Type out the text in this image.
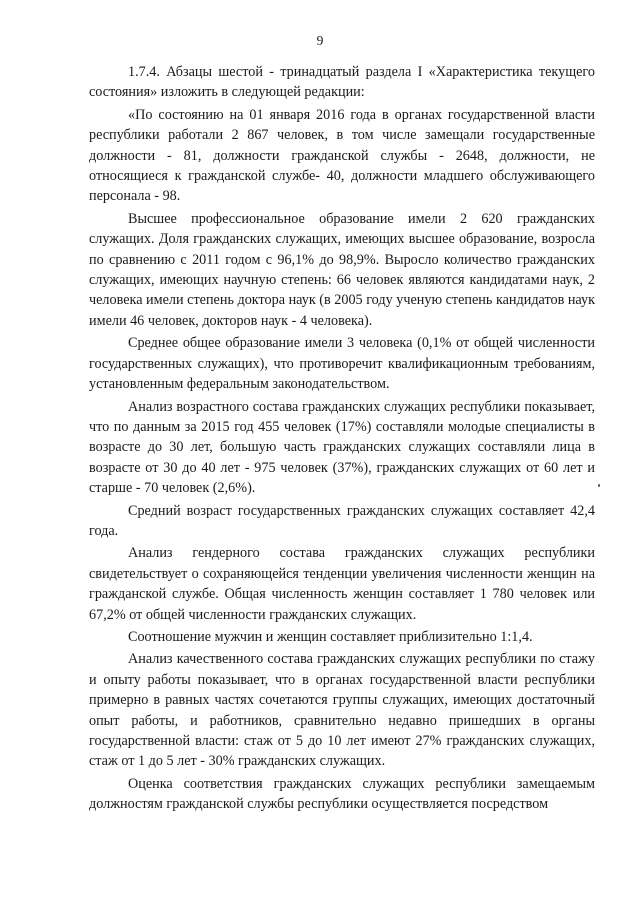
9

1.7.4. Абзацы шестой - тринадцатый раздела I «Характеристика текущего состояния» изложить в следующей редакции:

«По состоянию на 01 января 2016 года в органах государственной власти республики работали 2 867 человек, в том числе замещали государственные должности - 81, должности гражданской службы - 2648, должности, не относящиеся к гражданской службе- 40, должности младшего обслуживающего персонала - 98.

Высшее профессиональное образование имели 2 620 гражданских служащих. Доля гражданских служащих, имеющих высшее образование, возросла по сравнению с 2011 годом с 96,1% до 98,9%. Выросло количество гражданских служащих, имеющих научную степень: 66 человек являются кандидатами наук, 2 человека имели степень доктора наук (в 2005 году ученую степень кандидатов наук имели 46 человек, докторов наук - 4 человека).

Среднее общее образование имели 3 человека (0,1% от общей численности государственных служащих), что противоречит квалификационным требованиям, установленным федеральным законодательством.

Анализ возрастного состава гражданских служащих республики показывает, что по данным за 2015 год 455 человек (17%) составляли молодые специалисты в возрасте до 30 лет, большую часть гражданских служащих составляли лица в возрасте от 30 до 40 лет - 975 человек (37%), гражданских служащих от 60 лет и старше - 70 человек (2,6%).

Средний возраст государственных гражданских служащих составляет 42,4 года.

Анализ гендерного состава гражданских служащих республики свидетельствует о сохраняющейся тенденции увеличения численности женщин на гражданской службе. Общая численность женщин составляет 1 780 человек или 67,2% от общей численности гражданских служащих.

Соотношение мужчин и женщин составляет приблизительно 1:1,4.

Анализ качественного состава гражданских служащих республики по стажу и опыту работы показывает, что в органах государственной власти республики примерно в равных частях сочетаются группы служащих, имеющих достаточный опыт работы, и работников, сравнительно недавно пришедших в органы государственной власти: стаж от 5 до 10 лет имеют 27% гражданских служащих, стаж от 1 до 5 лет - 30% гражданских служащих.

Оценка соответствия гражданских служащих республики замещаемым должностям гражданской службы республики осуществляется посредством
